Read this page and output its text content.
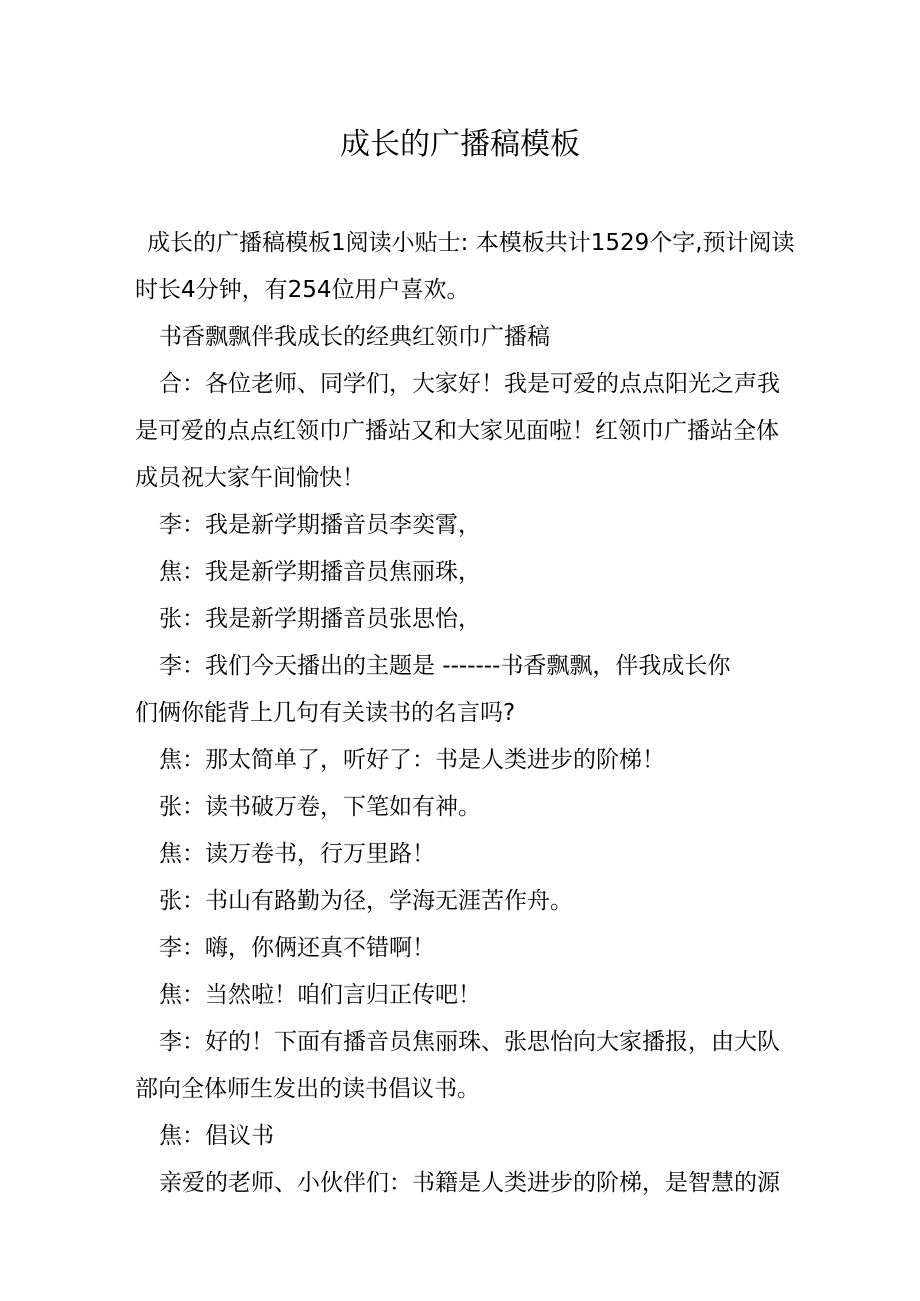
成长的广播稿模板

成长的广播稿模板1阅读小贴士: 本模板共计1529个字,预计阅读时长4分钟，有254位用户喜欢。

书香飘飘伴我成长的经典红领巾广播稿

合：各位老师、同学们，大家好！我是可爱的点点阳光之声我是可爱的点点红领巾广播站又和大家见面啦！红领巾广播站全体成员祝大家午间愉快！

李：我是新学期播音员李奕霄，

焦：我是新学期播音员焦丽珠，

张：我是新学期播音员张思怡，

李：我们今天播出的主题是 -------书香飘飘，伴我成长你

们俩你能背上几句有关读书的名言吗?

焦：那太简单了，听好了：书是人类进步的阶梯！

张：读书破万卷，下笔如有神。

焦：读万卷书，行万里路！

张：书山有路勤为径，学海无涯苦作舟。

李：嗨，你俩还真不错啊！

焦：当然啦！咱们言归正传吧！

李：好的！下面有播音员焦丽珠、张思怡向大家播报，由大队部向全体师生发出的读书倡议书。

焦：倡议书

亲爱的老师、小伙伴们：书籍是人类进步的阶梯，是智慧的源
